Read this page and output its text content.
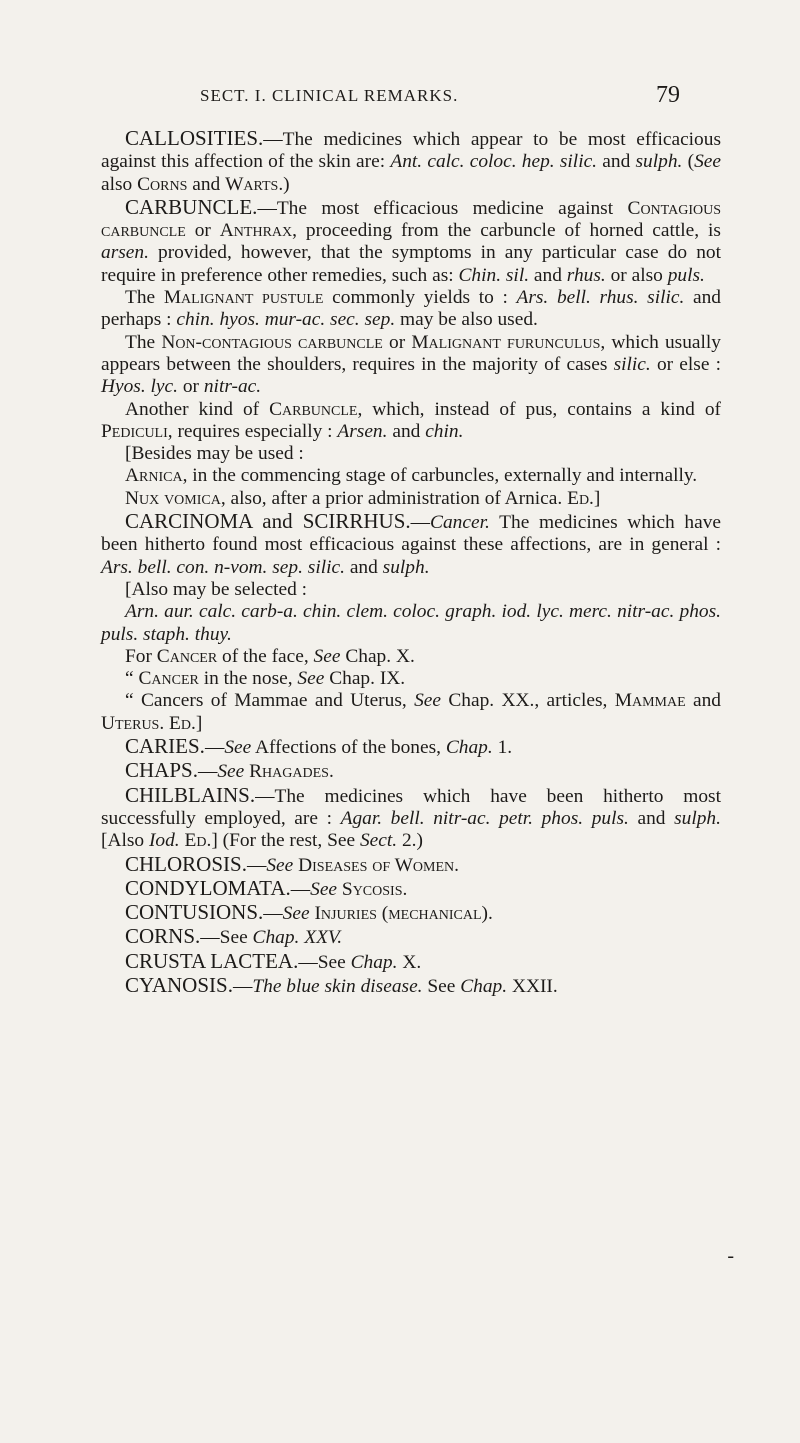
SECT. I. CLINICAL REMARKS.	79

CALLOSITIES.—The medicines which appear to be most efficacious against this affection of the skin are: Ant. calc. coloc. hep. silic. and sulph. (See also Corns and Warts.)

CARBUNCLE.—The most efficacious medicine against Contagious carbuncle or Anthrax, proceeding from the carbuncle of horned cattle, is arsen. provided, however, that the symptoms in any particular case do not require in preference other remedies, such as: Chin. sil. and rhus. or also puls.

The Malignant pustule commonly yields to : Ars. bell. rhus. silic. and perhaps : chin. hyos. mur-ac. sec. sep. may be also used.

The Non-contagious carbuncle or Malignant furunculus, which usually appears between the shoulders, requires in the majority of cases silic. or else : Hyos. lyc. or nitr-ac.

Another kind of Carbuncle, which, instead of pus, contains a kind of Pediculi, requires especially : Arsen. and chin.

[Besides may be used :

Arnica, in the commencing stage of carbuncles, externally and internally.

Nux vomica, also, after a prior administration of Arnica. Ed.]

CARCINOMA and SCIRRHUS.—Cancer. The medicines which have been hitherto found most efficacious against these affections, are in general : Ars. bell. con. n-vom. sep. silic. and sulph.

[Also may be selected :

Arn. aur. calc. carb-a. chin. clem. coloc. graph. iod. lyc. merc. nitr-ac. phos. puls. staph. thuy.

For Cancer of the face, See Chap. X.

“ Cancer in the nose, See Chap. IX.

“ Cancers of Mammae and Uterus, See Chap. XX., articles, Mammae and Uterus. Ed.]

CARIES.—See Affections of the bones, Chap. 1.

CHAPS.—See Rhagades.

CHILBLAINS.—The medicines which have been hitherto most successfully employed, are : Agar. bell. nitr-ac. petr. phos. puls. and sulph. [Also Iod. Ed.] (For the rest, See Sect. 2.)

CHLOROSIS.—See Diseases of Women.

CONDYLOMATA.—See Sycosis.

CONTUSIONS.—See Injuries (mechanical).

CORNS.—See Chap. XXV.

CRUSTA LACTEA.—See Chap. X.

CYANOSIS.—The blue skin disease. See Chap. XXII.

-
